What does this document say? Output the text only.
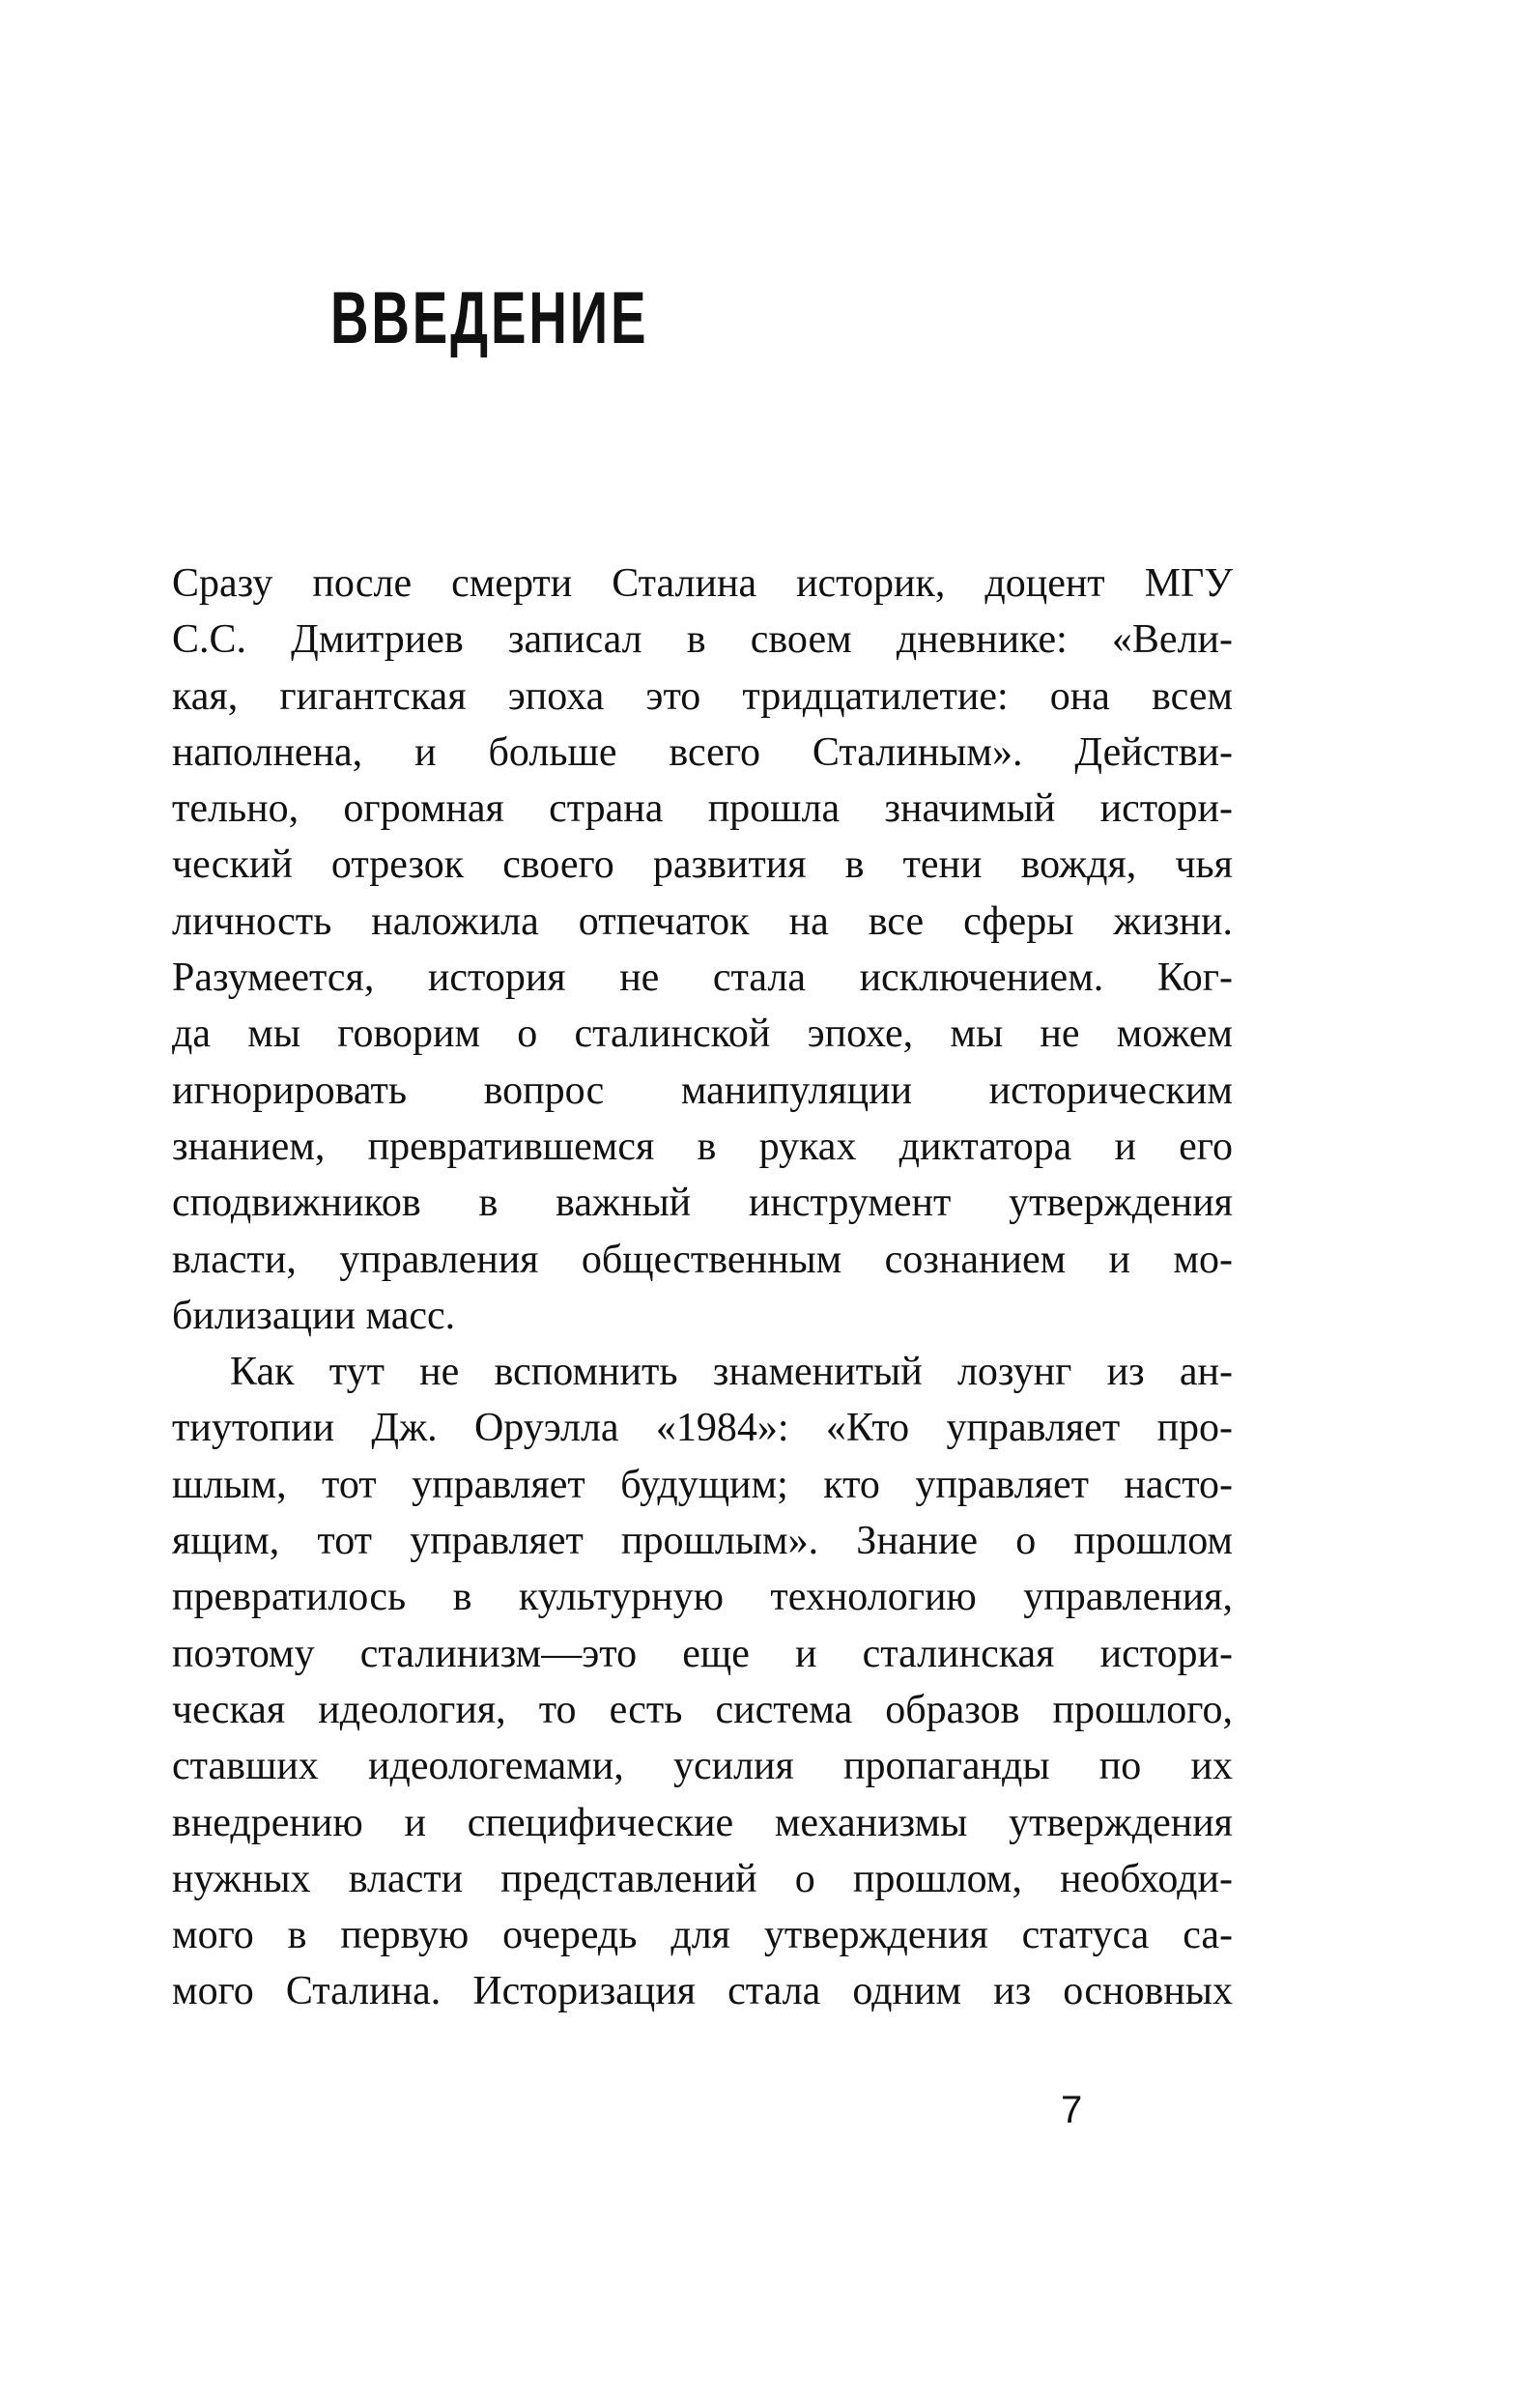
ВВЕДЕНИЕ
Сразу после смерти Сталина историк, доцент МГУ
С.С. Дмитриев записал в своем дневнике: «Вели-
кая, гигантская эпоха это тридцатилетие: она всем
наполнена, и больше всего Сталиным». Действи-
тельно, огромная страна прошла значимый истори-
ческий отрезок своего развития в тени вождя, чья
личность наложила отпечаток на все сферы жизни.
Разумеется, история не стала исключением. Ког-
да мы говорим о сталинской эпохе, мы не можем
игнорировать вопрос манипуляции историческим
знанием, превратившемся в руках диктатора и его
сподвижников в важный инструмент утверждения
власти, управления общественным сознанием и мо-
билизации масс.
Как тут не вспомнить знаменитый лозунг из ан-
тиутопии Дж. Оруэлла «1984»: «Кто управляет про-
шлым, тот управляет будущим; кто управляет насто-
ящим, тот управляет прошлым». Знание о прошлом
превратилось в культурную технологию управления,
поэтому сталинизм—это еще и сталинская истори-
ческая идеология, то есть система образов прошлого,
ставших идеологемами, усилия пропаганды по их
внедрению и специфические механизмы утверждения
нужных власти представлений о прошлом, необходи-
мого в первую очередь для утверждения статуса са-
мого Сталина. Историзация стала одним из основных
7
